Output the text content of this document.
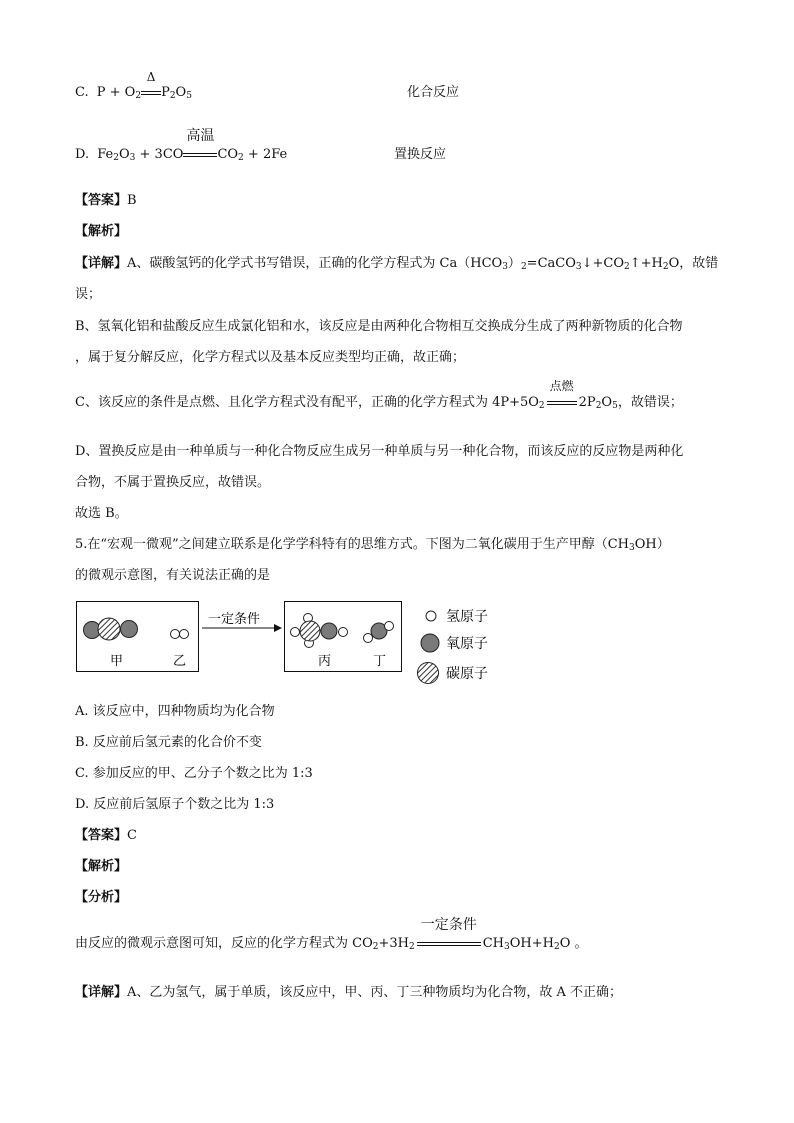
C. $P + O_2$
Δ
$P_2O_5$	化合反应
D. $Fe_2O_3 + 3CO$
高温
$CO_2 + 2Fe$	置换反应
【答案】B
【解析】
【详解】A、碳酸氢钙的化学式书写错误，正确的化学方程式为 $Ca(HCO_3)_2=CaCO_3↓+CO_2↑+H_2O$，故错
误；
B、氢氧化铝和盐酸反应生成氯化铝和水，该反应是由两种化合物相互交换成分生成了两种新物质的化合物
，属于复分解反应，化学方程式以及基本反应类型均正确，故正确；
C、该反应的条件是点燃、且化学方程式没有配平，正确的化学方程式为 $4P+5O_2$
点燃
$2P_2O_5$，故错误；
D、置换反应是由一种单质与一种化合物反应生成另一种单质与另一种化合物，而该反应的反应物是两种化
合物，不属于置换反应，故错误。
故选 B。
5.在“宏观一微观”之间建立联系是化学学科特有的思维方式。下图为二氧化碳用于生产甲醇$(CH_3OH)$
的微观示意图，有关说法正确的是
甲	乙
一定条件
丙	丁
氢原子
氧原子
碳原子
A. 该反应中，四种物质均为化合物
B. 反应前后氢元素的化合价不变
C. 参加反应的甲、乙分子个数之比为 1:3
D. 反应前后氢原子个数之比为 1:3
【答案】C
【解析】
【分析】
由反应的微观示意图可知，反应的化学方程式为 $CO_2+3H_2$
一定条件
$CH_3OH+H_2O$ 。
【详解】A、乙为氢气，属于单质，该反应中，甲、丙、丁三种物质均为化合物，故 A 不正确；
